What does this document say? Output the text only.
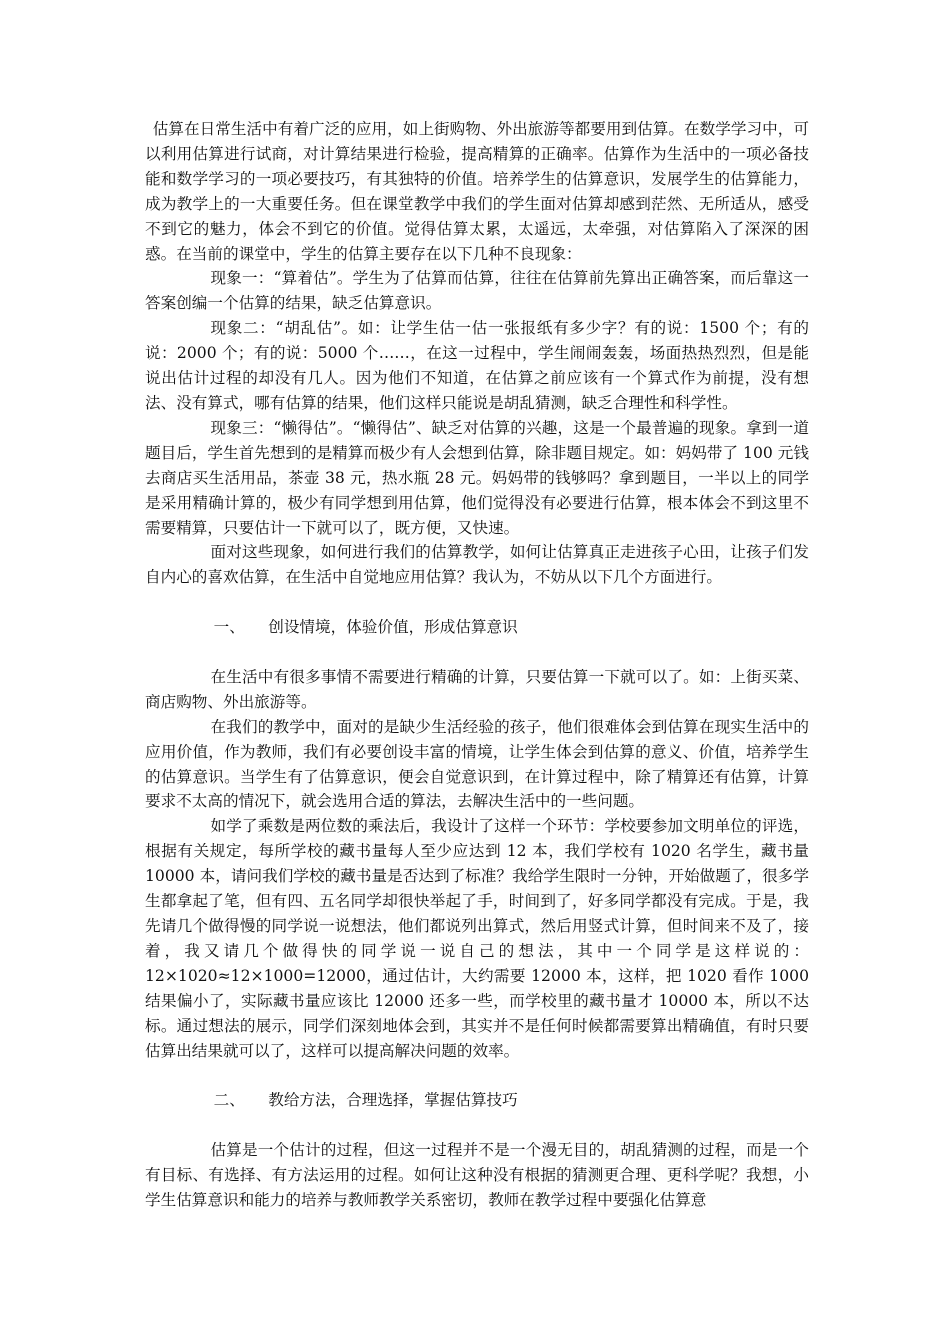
估算在日常生活中有着广泛的应用，如上街购物、外出旅游等都要用到估算。在数学学习中，可以利用估算进行试商，对计算结果进行检验，提高精算的正确率。估算作为生活中的一项必备技能和数学学习的一项必要技巧，有其独特的价值。培养学生的估算意识，发展学生的估算能力，成为教学上的一大重要任务。但在课堂教学中我们的学生面对估算却感到茫然、无所适从，感受不到它的魅力，体会不到它的价值。觉得估算太累，太遥远，太牵强，对估算陷入了深深的困惑。在当前的课堂中，学生的估算主要存在以下几种不良现象：

现象一：“算着估”。学生为了估算而估算，往往在估算前先算出正确答案，而后靠这一答案创编一个估算的结果，缺乏估算意识。

现象二：“胡乱估”。如：让学生估一估一张报纸有多少字？有的说：1500 个；有的说：2000 个；有的说：5000 个……，在这一过程中，学生闹闹轰轰，场面热热烈烈，但是能说出估计过程的却没有几人。因为他们不知道，在估算之前应该有一个算式作为前提，没有想法、没有算式，哪有估算的结果，他们这样只能说是胡乱猜测，缺乏合理性和科学性。

现象三：“懒得估”。“懒得估”、缺乏对估算的兴趣，这是一个最普遍的现象。拿到一道题目后，学生首先想到的是精算而极少有人会想到估算，除非题目规定。如：妈妈带了 100 元钱去商店买生活用品，茶壶 38 元，热水瓶 28 元。妈妈带的钱够吗？拿到题目，一半以上的同学是采用精确计算的，极少有同学想到用估算，他们觉得没有必要进行估算，根本体会不到这里不需要精算，只要估计一下就可以了，既方便，又快速。

面对这些现象，如何进行我们的估算教学，如何让估算真正走进孩子心田，让孩子们发自内心的喜欢估算，在生活中自觉地应用估算？我认为，不妨从以下几个方面进行。

一、 创设情境，体验价值，形成估算意识

在生活中有很多事情不需要进行精确的计算，只要估算一下就可以了。如：上街买菜、商店购物、外出旅游等。

在我们的教学中，面对的是缺少生活经验的孩子，他们很难体会到估算在现实生活中的应用价值，作为教师，我们有必要创设丰富的情境，让学生体会到估算的意义、价值，培养学生的估算意识。当学生有了估算意识，便会自觉意识到，在计算过程中，除了精算还有估算，计算要求不太高的情况下，就会选用合适的算法，去解决生活中的一些问题。

如学了乘数是两位数的乘法后，我设计了这样一个环节：学校要参加文明单位的评选，根据有关规定，每所学校的藏书量每人至少应达到 12 本，我们学校有 1020 名学生，藏书量 10000 本，请问我们学校的藏书量是否达到了标准？我给学生限时一分钟，开始做题了，很多学生都拿起了笔，但有四、五名同学却很快举起了手，时间到了，好多同学都没有完成。于是，我先请几个做得慢的同学说一说想法，他们都说列出算式，然后用竖式计算，但时间来不及了，接着，我又请几个做得快的同学说一说自己的想法，其中一个同学是这样说的：12×1020≈12×1000=12000，通过估计，大约需要 12000 本，这样，把 1020 看作 1000 结果偏小了，实际藏书量应该比 12000 还多一些，而学校里的藏书量才 10000 本，所以不达标。通过想法的展示，同学们深刻地体会到，其实并不是任何时候都需要算出精确值，有时只要估算出结果就可以了，这样可以提高解决问题的效率。

二、 教给方法，合理选择，掌握估算技巧

估算是一个估计的过程，但这一过程并不是一个漫无目的，胡乱猜测的过程，而是一个有目标、有选择、有方法运用的过程。如何让这种没有根据的猜测更合理、更科学呢？我想，小学生估算意识和能力的培养与教师教学关系密切，教师在教学过程中要强化估算意
